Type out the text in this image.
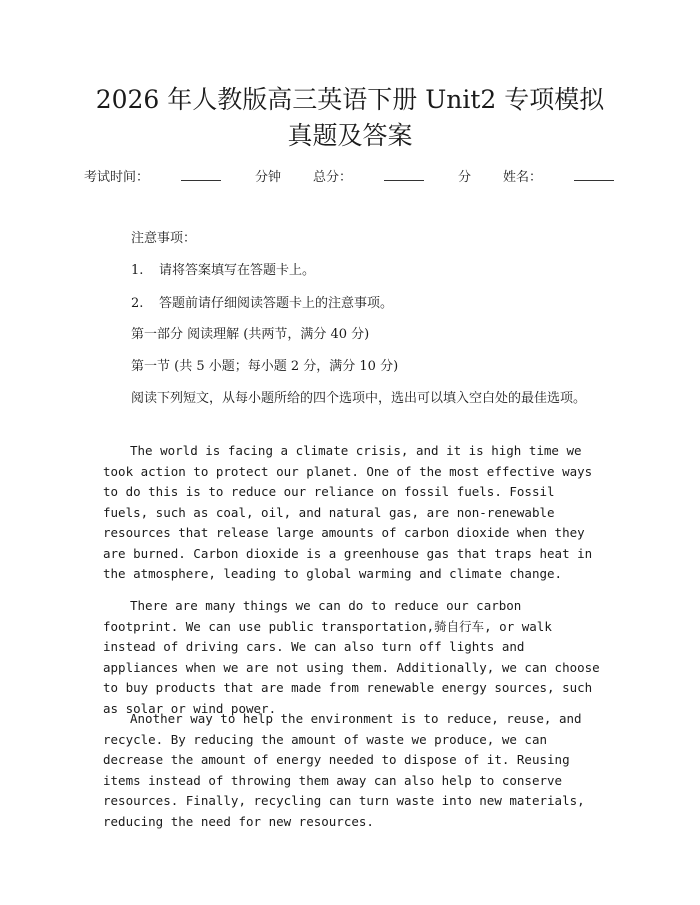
2026 年人教版高三英语下册 Unit2 专项模拟
真题及答案
考试时间：	分钟 总分：	分 姓名：
注意事项：
1. 请将答案填写在答题卡上。
2. 答题前请仔细阅读答题卡上的注意事项。
第一部分 阅读理解 (共两节，满分 40 分)
第一节 (共 5 小题；每小题 2 分，满分 10 分)

阅读下列短文，从每小题所给的四个选项中，选出可以填入空白处的最佳选项。

The world is facing a climate crisis, and it is high time we took action to protect our planet. One of the most effective ways to do this is to reduce our reliance on fossil fuels. Fossil fuels, such as coal, oil, and natural gas, are non-renewable resources that release large amounts of carbon dioxide when they are burned. Carbon dioxide is a greenhouse gas that traps heat in the atmosphere, leading to global warming and climate change.

There are many things we can do to reduce our carbon footprint. We can use public transportation,骑自行车, or walk instead of driving cars. We can also turn off lights and appliances when we are not using them. Additionally, we can choose to buy products that are made from renewable energy sources, such as solar or wind power.

Another way to help the environment is to reduce, reuse, and recycle. By reducing the amount of waste we produce, we can decrease the amount of energy needed to dispose of it. Reusing items instead of throwing them away can also help to conserve resources. Finally, recycling can turn waste into new materials, reducing the need for new resources.
